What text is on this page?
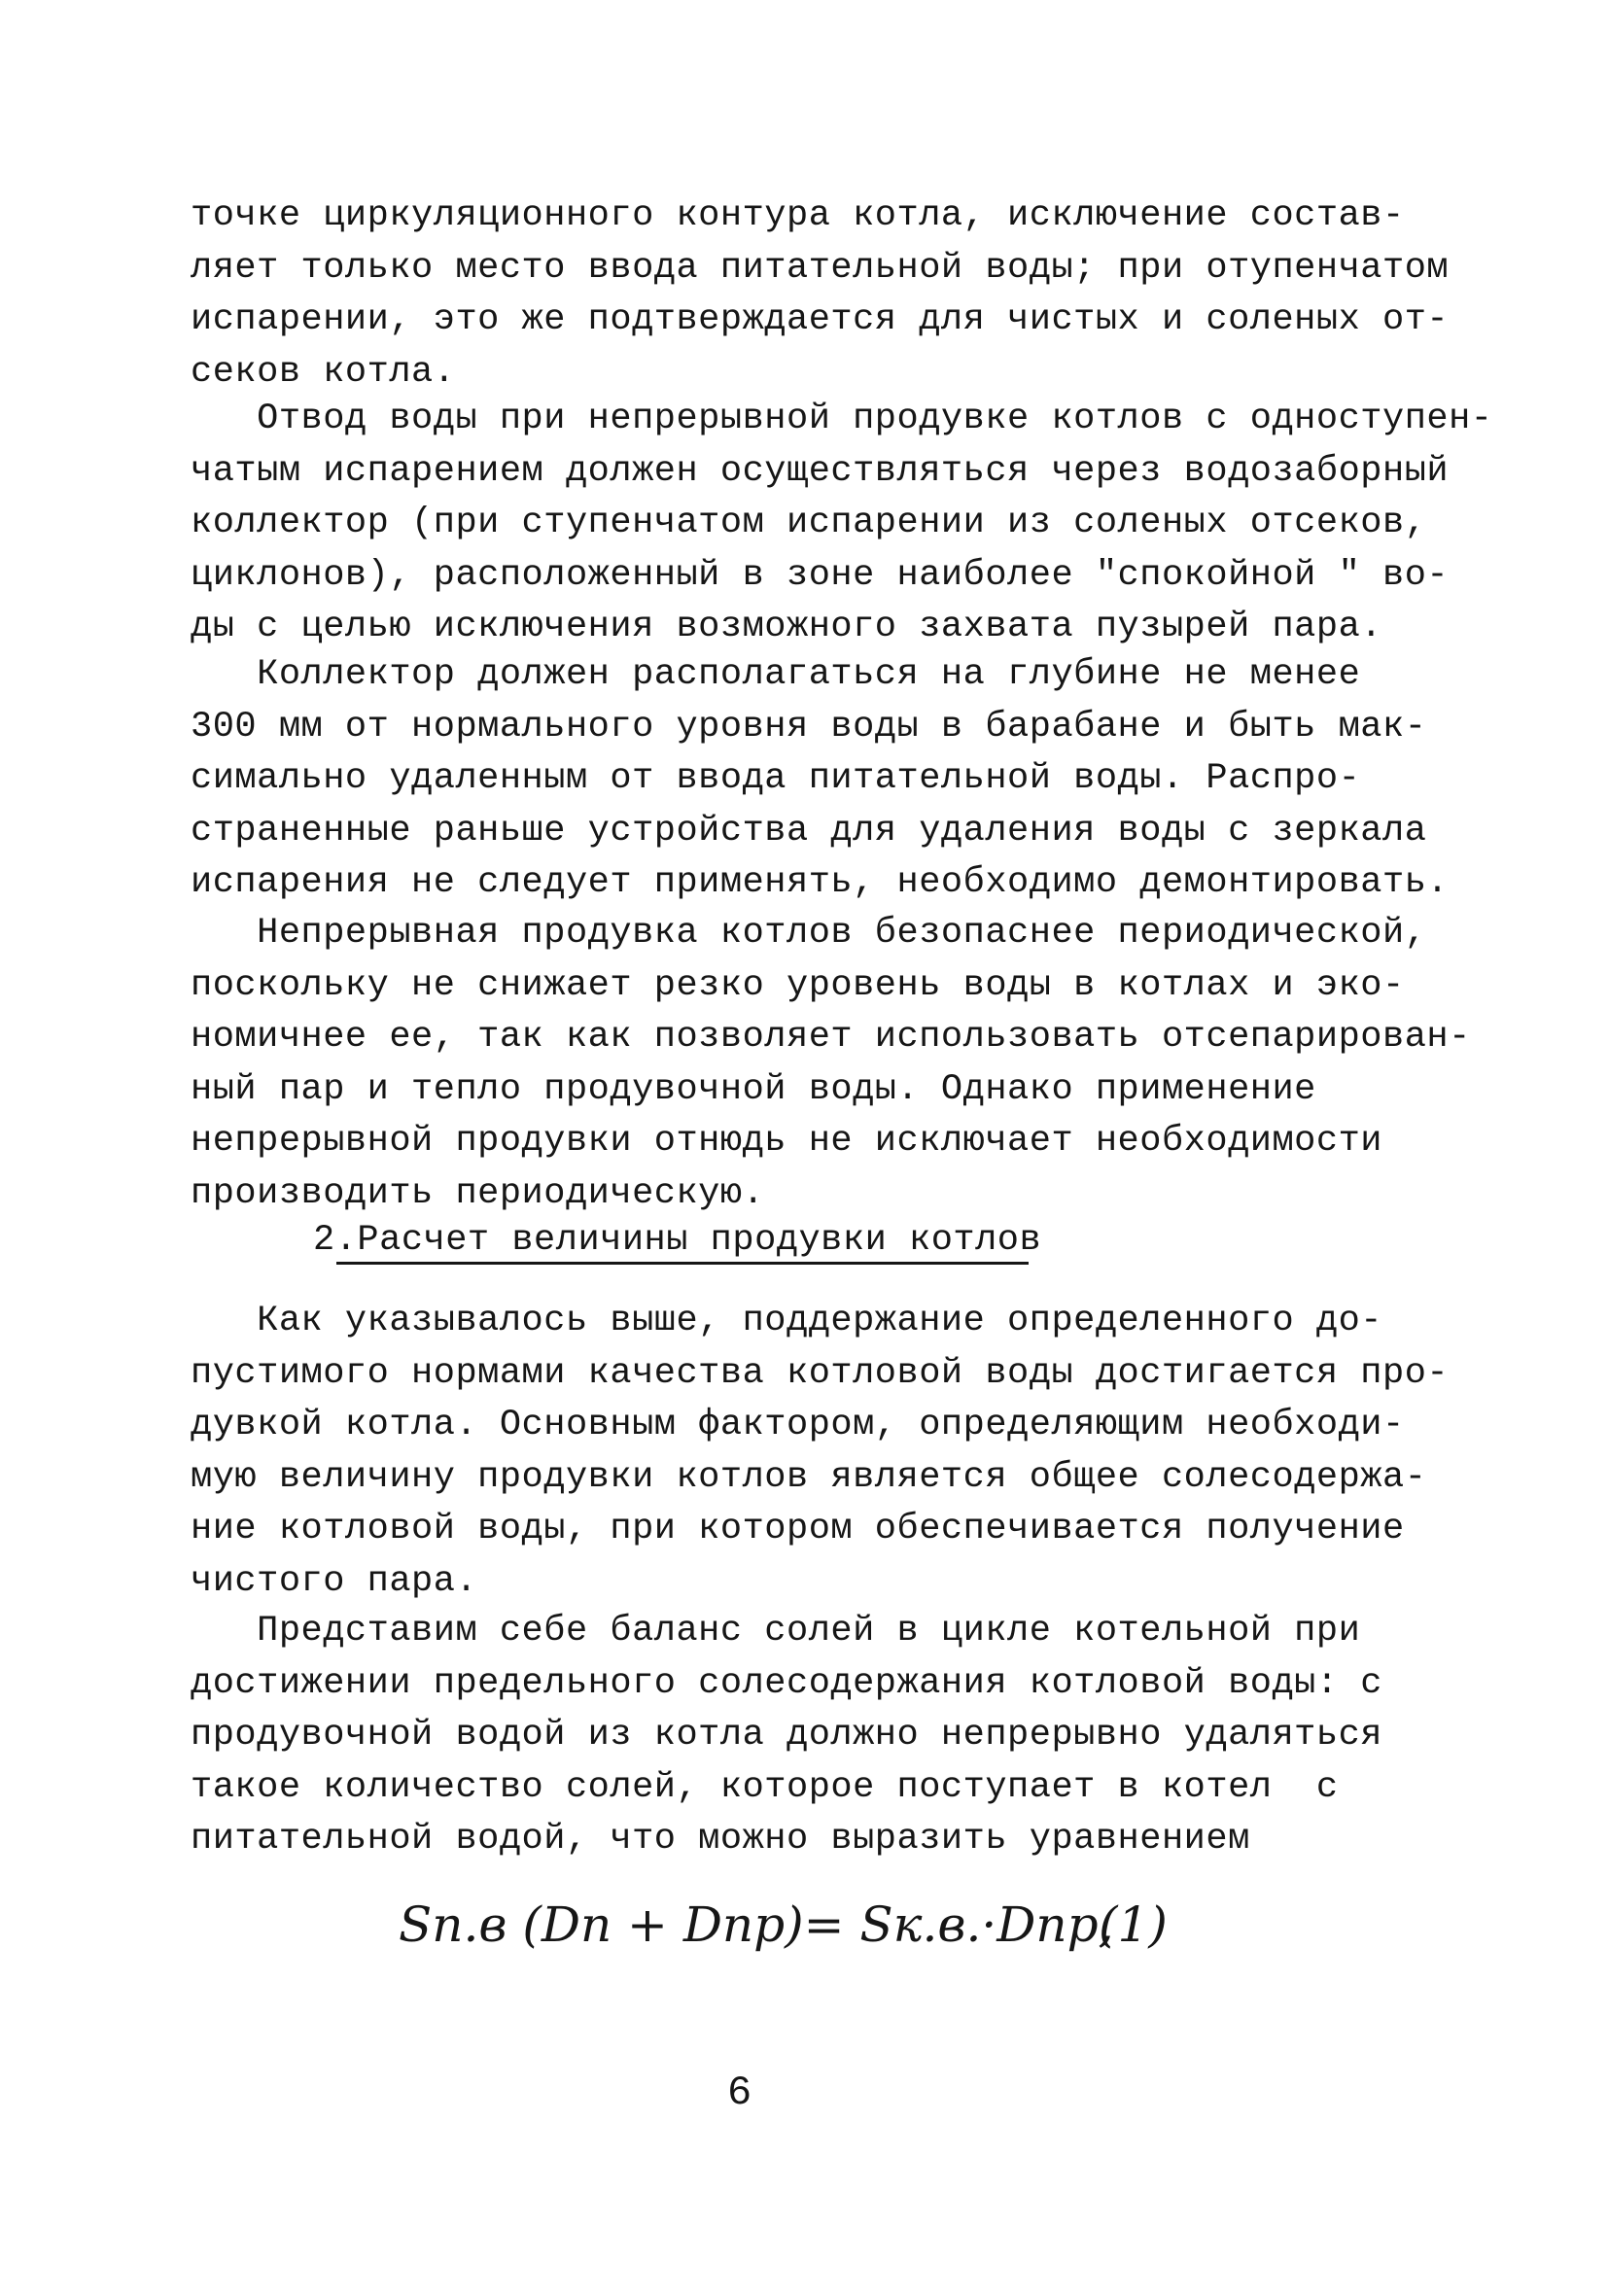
точке циркуляционного контура котла, исключение состав-
ляет только место ввода питательной воды; при отупенчатом
испарении, это же подтверждается для чистых и соленых от-
секов котла.
Отвод воды при непрерывной продувке котлов с одноступен-
чатым испарением должен осуществляться через водозаборный
коллектор (при ступенчатом испарении из соленых отсеков,
циклонов), расположенный в зоне наиболее "спокойной " во-
ды с целью исключения возможного захвата пузырей пара.
Коллектор должен располагаться на глубине не менее
300 мм от нормального уровня воды в барабане и быть мак-
симально удаленным от ввода питательной воды. Распро-
страненные раньше устройства для удаления воды с зеркала
испарения не следует применять, необходимо демонтировать.
Непрерывная продувка котлов безопаснее периодической,
поскольку не снижает резко уровень воды в котлах и эко-
номичнее ее, так как позволяет использовать отсепарирован-
ный пар и тепло продувочной воды. Однако применение
непрерывной продувки отнюдь не исключает необходимости
производить периодическую.
2.Расчет величины продувки котлов
Как указывалось выше, поддержание определенного до-
пустимого нормами качества котловой воды достигается про-
дувкой котла. Основным фактором, определяющим необходи-
мую величину продувки котлов является общее солесодержа-
ние котловой воды, при котором обеспечивается получение
чистого пара.
Представим себе баланс солей в цикле котельной при
достижении предельного солесодержания котловой воды: с
продувочной водой из котла должно непрерывно удаляться
такое количество солей, которое поступает в котел  с
питательной водой, что можно выразить уравнением
Sп.в (Dп + Dпр)= Sк.в.·Dпр,
(1)
6
